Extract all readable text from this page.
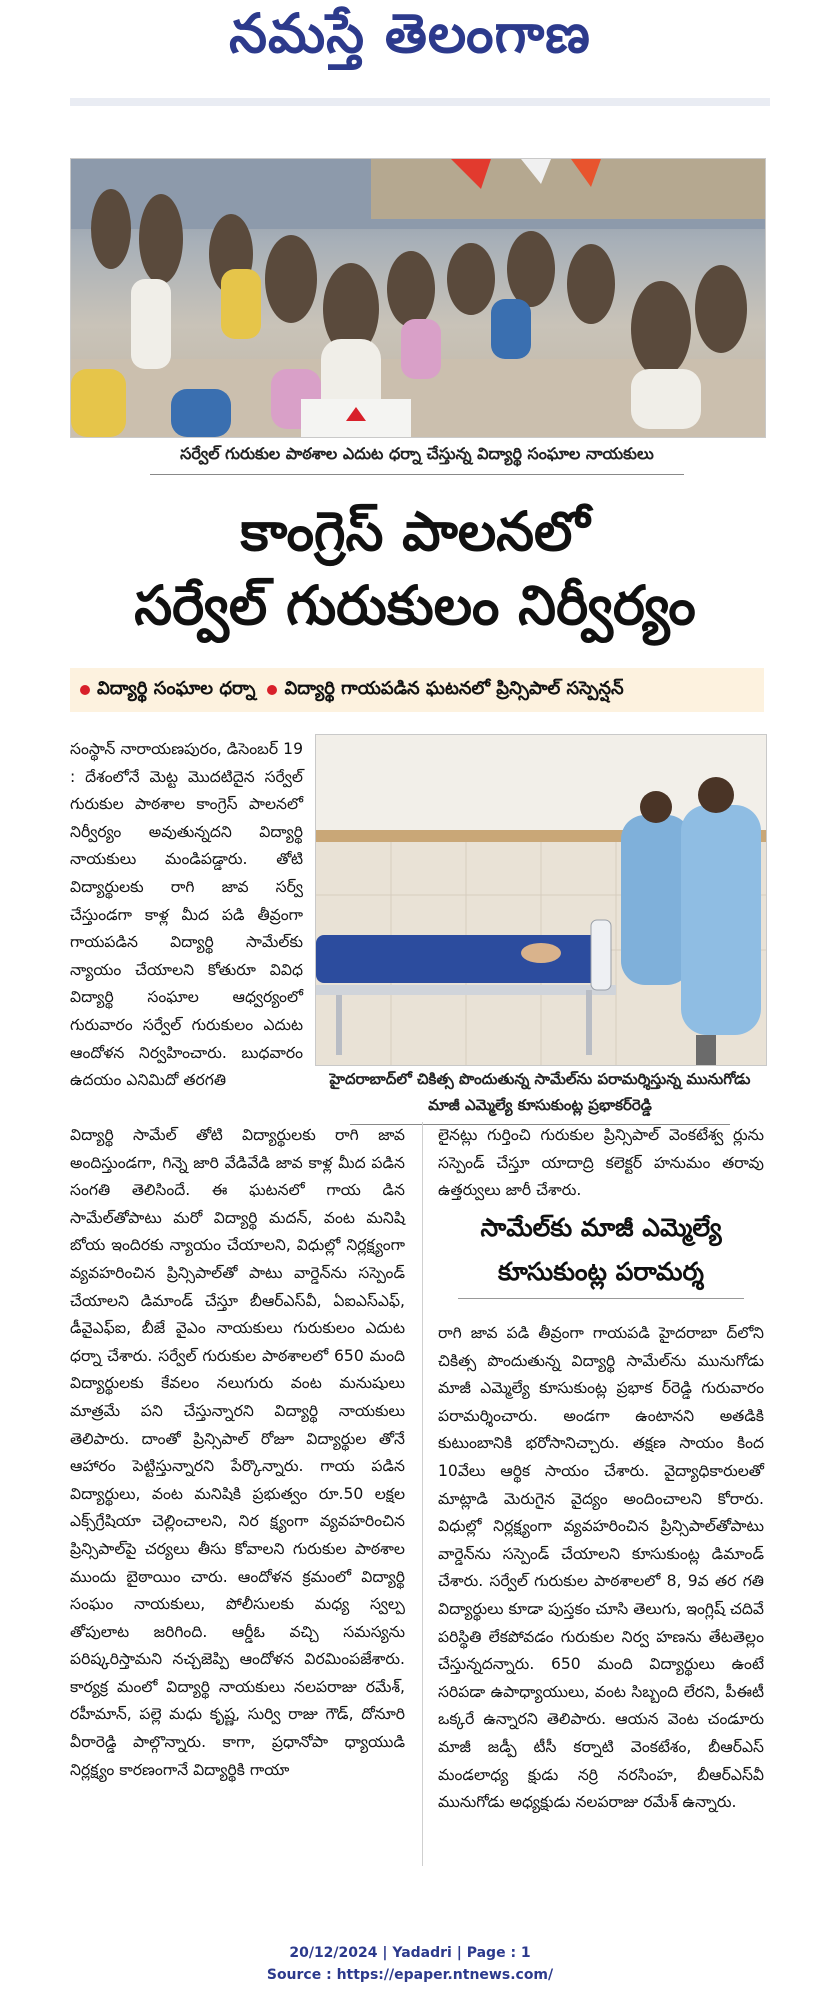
నమస్తే తెలంగాణ
సర్వేల్ గురుకుల పాఠశాల ఎదుట ధర్నా చేస్తున్న విద్యార్థి సంఘాల నాయకులు
కాంగ్రెస్ పాలనలో
సర్వేల్ గురుకులం నిర్వీర్యం
విద్యార్థి సంఘాల ధర్నా విద్యార్థి గాయపడిన ఘటనలో ప్రిన్సిపాల్ సస్పెన్షన్

సంస్థాన్ నారాయణపురం, డిసెంబర్ 19 : దేశంలోనే మెట్ట మొదటిదైన సర్వేల్ గురుకుల పాఠశాల కాంగ్రెస్ పాలనలో నిర్వీర్యం అవుతున్నదని విద్యార్థి నాయకులు మండిపడ్డారు. తోటి విద్యార్థులకు రాగి జావ సర్వ్ చేస్తుండగా కాళ్ల మీద పడి తీవ్రంగా గాయపడిన విద్యార్థి సామేల్‌కు న్యాయం చేయాలని కోతురూ వివిధ విద్యార్థి సంఘాల ఆధ్వర్యంలో గురువారం సర్వేల్ గురుకులం ఎదుట ఆందోళన నిర్వహించారు. బుధవారం ఉదయం ఎనిమిదో తరగతి	హైదరాబాద్‌లో చికిత్స పొందుతున్న సామేల్‌ను పరామర్శిస్తున్న మునుగోడు మాజీ ఎమ్మెల్యే కూసుకుంట్ల ప్రభాకర్‌రెడ్డి

విద్యార్థి సామేల్ తోటి విద్యార్థులకు రాగి జావ అందిస్తుండగా, గిన్నె జారి వేడివేడి జావ కాళ్ల మీద పడిన సంగతి తెలిసిందే. ఈ ఘటనలో గాయ డిన సామేల్‌తోపాటు మరో విద్యార్థి మదన్, వంట మనిషి బోయ ఇందిరకు న్యాయం చేయాలని, విధుల్లో నిర్లక్ష్యంగా వ్యవహరించిన ప్రిన్సిపాల్‌తో పాటు వార్డెన్‌ను సస్పెండ్ చేయాలని డిమాండ్ చేస్తూ బీఆర్‌ఎస్‌వీ, ఏఐఎస్‌ఎఫ్, డీవైఎఫ్‌ఐ, బీజే వైఎం నాయకులు గురుకులం ఎదుట ధర్నా చేశారు. సర్వేల్ గురుకుల పాఠశాలలో 650 మంది విద్యార్థులకు కేవలం నలుగురు వంట మనుషులు మాత్రమే పని చేస్తున్నారని విద్యార్థి నాయకులు తెలిపారు. దాంతో ప్రిన్సిపాల్ రోజూ విద్యార్థుల తోనే ఆహారం పెట్టిస్తున్నారని పేర్కొన్నారు. గాయ పడిన విద్యార్థులు, వంట మనిషికి ప్రభుత్వం రూ.50 లక్షల ఎక్స్‌గ్రేషియా చెల్లించాలని, నిర క్ష్యంగా వ్యవహరించిన ప్రిన్సిపాల్‌పై చర్యలు తీసు కోవాలని గురుకుల పాఠశాల ముందు బైఠాయిం చారు. ఆందోళన క్రమంలో విద్యార్థి సంఘం నాయకులు, పోలీసులకు మధ్య స్వల్ప తోపులాట జరిగింది. ఆర్డీఓ వచ్చి సమస్యను పరిష్కరిస్తామని నచ్చజెప్పి ఆందోళన విరమింపజేశారు. కార్యక్ర మంలో విద్యార్థి నాయకులు నలపరాజు రమేశ్, రహీమాన్, పల్లె మధు కృష్ణ, సుర్వి రాజు గౌడ్, దోనూరి వీరారెడ్డి పాల్గొన్నారు. కాగా, ప్రధానోపా ధ్యాయుడి నిర్లక్ష్యం కారణంగానే విద్యార్థికి గాయా

లైనట్లు గుర్తించి గురుకుల ప్రిన్సిపాల్ వెంకటేశ్వ ర్లును సస్పెండ్ చేస్తూ యాదాద్రి కలెక్టర్ హనుమం తరావు ఉత్తర్వులు జారీ చేశారు.

సామేల్‌కు మాజీ ఎమ్మెల్యే కూసుకుంట్ల పరామర్శ

రాగి జావ పడి తీవ్రంగా గాయపడి హైదరాబా ద్‌లోని చికిత్స పొందుతున్న విద్యార్థి సామేల్‌ను మునుగోడు మాజీ ఎమ్మెల్యే కూసుకుంట్ల ప్రభాక ర్‌రెడ్డి గురువారం పరామర్శించారు. అండగా ఉంటానని అతడికి కుటుంబానికి భరోసానిచ్చారు. తక్షణ సాయం కింద 10వేలు ఆర్థిక సాయం చేశారు. వైద్యాధికారులతో మాట్లాడి మెరుగైన వైద్యం అందించాలని కోరారు. విధుల్లో నిర్లక్ష్యంగా వ్యవహరించిన ప్రిన్సిపాల్‌తోపాటు వార్డెన్‌ను సస్పెండ్ చేయాలని కూసుకుంట్ల డిమాండ్ చేశారు. సర్వేల్ గురుకుల పాఠశాలలో 8, 9వ తర గతి విద్యార్థులు కూడా పుస్తకం చూసి తెలుగు, ఇంగ్లిష్ చదివే పరిస్థితి లేకపోవడం గురుకుల నిర్వ హణను తేటతెల్లం చేస్తున్నదన్నారు. 650 మంది విద్యార్థులు ఉంటే సరిపడా ఉపాధ్యాయులు, వంట సిబ్బంది లేరని, పీఈటీ ఒక్కరే ఉన్నారని తెలిపారు. ఆయన వెంట చండూరు మాజీ జడ్పీ టీసీ కర్నాటి వెంకటేశం, బీఆర్‌ఎస్ మండలాధ్య క్షుడు నర్రి నరసింహ, బీఆర్‌ఎస్‌వీ మునుగోడు అధ్యక్షుడు నలపరాజు రమేశ్ ఉన్నారు.

20/12/2024 | Yadadri | Page : 1
Source : https://epaper.ntnews.com/
